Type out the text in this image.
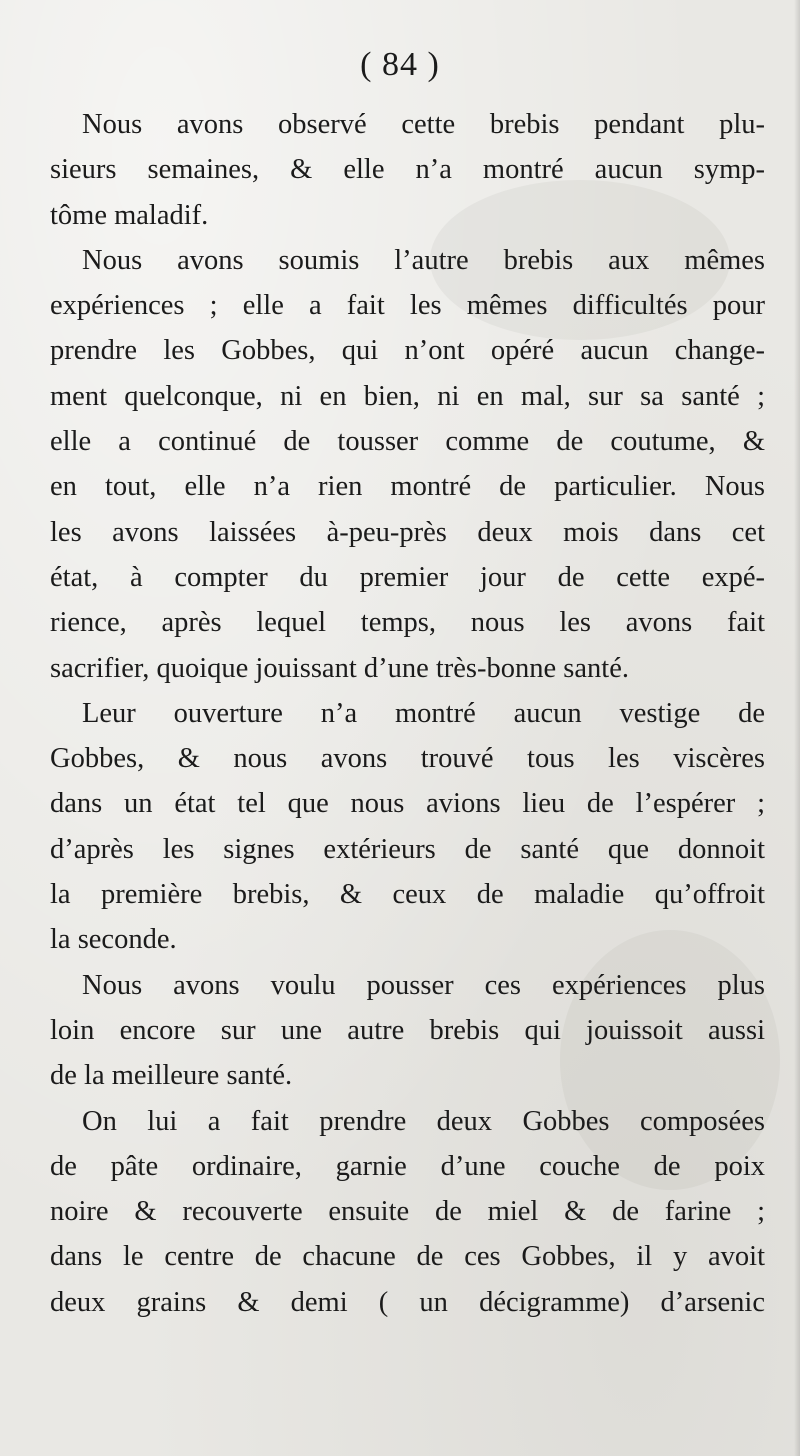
( 84 )
Nous avons observé cette brebis pendant plu-
sieurs semaines, & elle n’a montré aucun symp-
tôme maladif.
Nous avons soumis l’autre brebis aux mêmes
expériences ; elle a fait les mêmes difficultés pour
prendre les Gobbes, qui n’ont opéré aucun change-
ment quelconque, ni en bien, ni en mal, sur sa santé ;
elle a continué de tousser comme de coutume, &
en tout, elle n’a rien montré de particulier. Nous
les avons laissées à-peu-près deux mois dans cet
état, à compter du premier jour de cette expé-
rience, après lequel temps, nous les avons fait
sacrifier, quoique jouissant d’une très-bonne santé.
Leur ouverture n’a montré aucun vestige de
Gobbes, & nous avons trouvé tous les viscères
dans un état tel que nous avions lieu de l’espérer ;
d’après les signes extérieurs de santé que donnoit
la première brebis, & ceux de maladie qu’offroit
la seconde.
Nous avons voulu pousser ces expériences plus
loin encore sur une autre brebis qui jouissoit aussi
de la meilleure santé.
On lui a fait prendre deux Gobbes composées
de pâte ordinaire, garnie d’une couche de poix
noire & recouverte ensuite de miel & de farine ;
dans le centre de chacune de ces Gobbes, il y avoit
deux grains & demi ( un décigramme) d’arsenic
